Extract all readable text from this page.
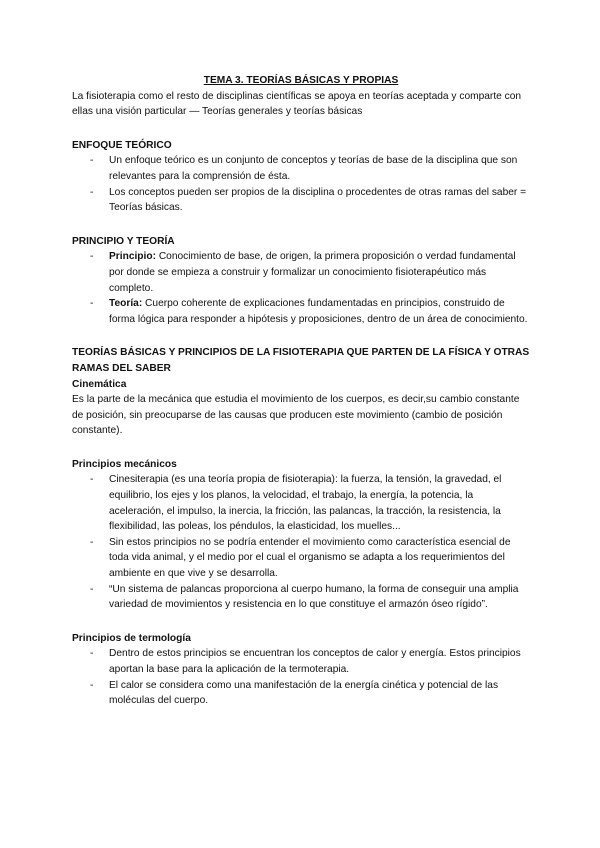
TEMA 3. TEORÍAS BÁSICAS Y PROPIAS

La fisioterapia como el resto de disciplinas científicas se apoya en teorías aceptada y comparte con ellas una visión particular — Teorías generales y teorías básicas

ENFOQUE TEÓRICO

- Un enfoque teórico es un conjunto de conceptos y teorías de base de la disciplina que son relevantes para la comprensión de ésta.
- Los conceptos pueden ser propios de la disciplina o procedentes de otras ramas del saber = Teorías básicas.

PRINCIPIO Y TEORÍA

- Principio: Conocimiento de base, de origen, la primera proposición o verdad fundamental por donde se empieza a construir y formalizar un conocimiento fisioterapéutico más completo.
- Teoría: Cuerpo coherente de explicaciones fundamentadas en principios, construido de forma lógica para responder a hipótesis y proposiciones, dentro de un área de conocimiento.

TEORÍAS BÁSICAS Y PRINCIPIOS DE LA FISIOTERAPIA QUE PARTEN DE LA FÍSICA Y OTRAS RAMAS DEL SABER

Cinemática

Es la parte de la mecánica que estudia el movimiento de los cuerpos, es decir,su cambio constante de posición, sin preocuparse de las causas que producen este movimiento (cambio de posición constante).

Principios mecánicos

- Cinesiterapia (es una teoría propia de fisioterapia): la fuerza, la tensión, la gravedad, el equilibrio, los ejes y los planos, la velocidad, el trabajo, la energía, la potencia, la aceleración, el impulso, la inercia, la fricción, las palancas, la tracción, la resistencia, la flexibilidad, las poleas, los péndulos, la elasticidad, los muelles...
- Sin estos principios no se podría entender el movimiento como característica esencial de toda vida animal, y el medio por el cual el organismo se adapta a los requerimientos del ambiente en que vive y se desarrolla.
- “Un sistema de palancas proporciona al cuerpo humano, la forma de conseguir una amplia variedad de movimientos y resistencia en lo que constituye el armazón óseo rígido”.

Principios de termología

- Dentro de estos principios se encuentran los conceptos de calor y energía. Estos principios aportan la base para la aplicación de la termoterapia.
- El calor se considera como una manifestación de la energía cinética y potencial de las moléculas del cuerpo.
